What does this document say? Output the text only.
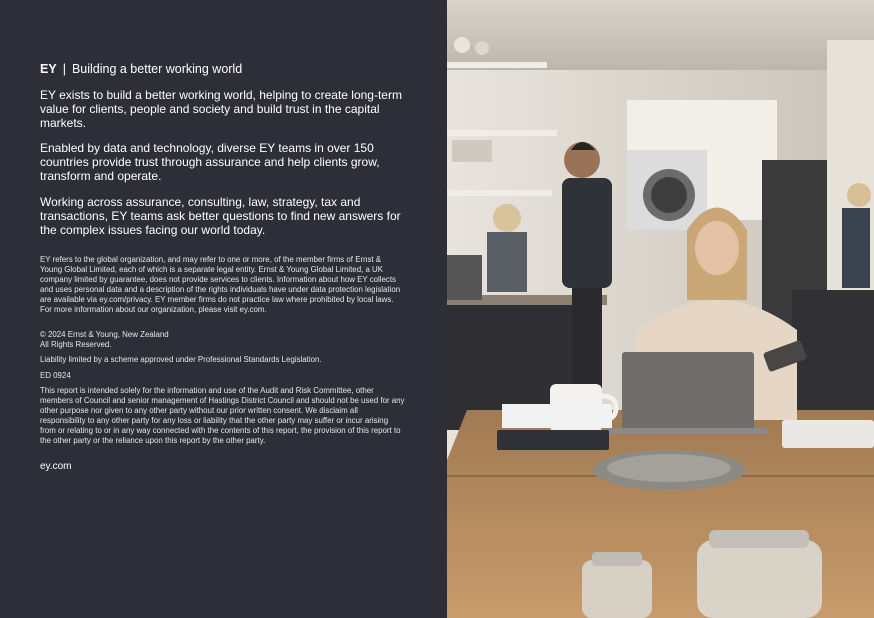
EY | Building a better working world
EY exists to build a better working world, helping to create long-term value for clients, people and society and build trust in the capital markets.
Enabled by data and technology, diverse EY teams in over 150 countries provide trust through assurance and help clients grow, transform and operate.
Working across assurance, consulting, law, strategy, tax and transactions, EY teams ask better questions to find new answers for the complex issues facing our world today.
EY refers to the global organization, and may refer to one or more, of the member firms of Ernst & Young Global Limited, each of which is a separate legal entity. Ernst & Young Global Limited, a UK company limited by guarantee, does not provide services to clients. Information about how EY collects and uses personal data and a description of the rights individuals have under data protection legislation are available via ey.com/privacy. EY member firms do not practice law where prohibited by local laws. For more information about our organization, please visit ey.com.
© 2024 Ernst & Young, New Zealand
All Rights Reserved.
Liability limited by a scheme approved under Professional Standards Legislation.
ED 0924
This report is intended solely for the information and use of the Audit and Risk Committee, other members of Council and senior management of Hastings District Council and should not be used for any other purpose nor given to any other party without our prior written consent. We disclaim all responsibility to any other party for any loss or liability that the other party may suffer or incur arising from or relating to or in any way connected with the contents of this report, the provision of this report to the other party or the reliance upon this report by the other party.
ey.com
